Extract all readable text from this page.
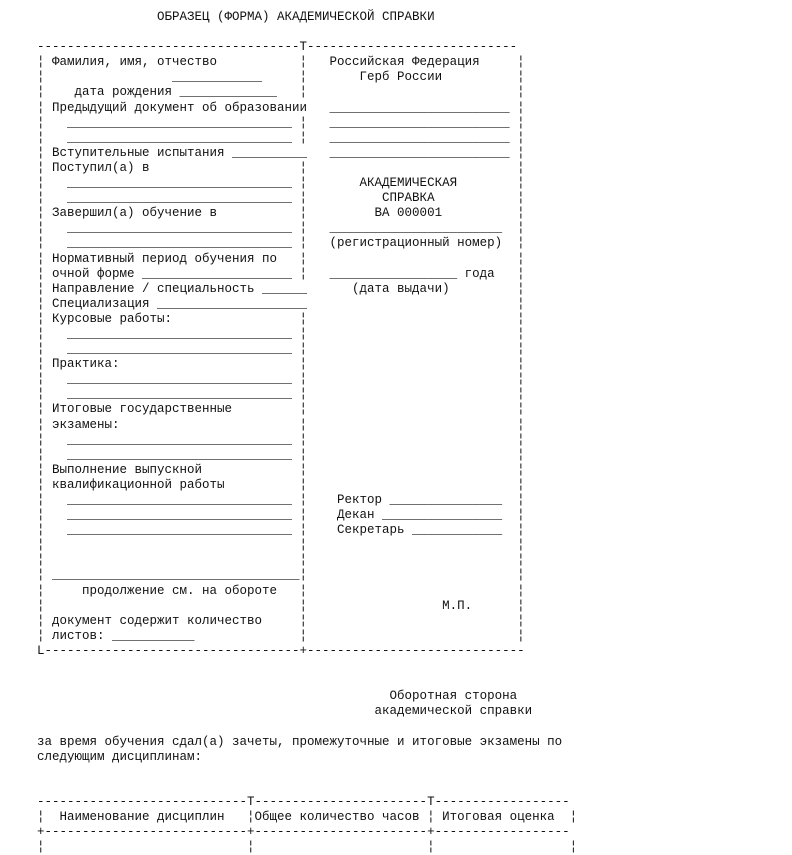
ОБРАЗЕЦ (ФОРМА) АКАДЕМИЧЕСКОЙ СПРАВКИ
-----------------------------------T----------------------------
¦ Фамилия, имя, отчество           ¦   Российская Федерация     ¦
¦                 ____________     ¦       Герб России          ¦
¦    дата рождения _____________   ¦                            ¦
¦ Предыдущий документ об образовании   ________________________ ¦
¦   ______________________________ ¦   ________________________ ¦
¦   ______________________________ ¦   ________________________ ¦
¦ Вступительные испытания __________   ________________________ ¦
¦ Поступил(а) в                    ¦                            ¦
¦   ______________________________ ¦       АКАДЕМИЧЕСКАЯ        ¦
¦   ______________________________ ¦          СПРАВКА           ¦
¦ Завершил(а) обучение в           ¦         ВА 000001          ¦
¦   ______________________________ ¦   _______________________  ¦
¦   ______________________________ ¦   (регистрационный номер)  ¦
¦ Нормативный период обучения по   ¦                            ¦
¦ очной форме ____________________ ¦   _________________ года   ¦
¦ Направление / специальность ______      (дата выдачи)         ¦
¦ Специализация ____________________                            ¦
¦ Курсовые работы:                 ¦                            ¦
¦   ______________________________ ¦                            ¦
¦   ______________________________ ¦                            ¦
¦ Практика:                        ¦                            ¦
¦   ______________________________ ¦                            ¦
¦   ______________________________ ¦                            ¦
¦ Итоговые государственные         ¦                            ¦
¦ экзамены:                        ¦                            ¦
¦   ______________________________ ¦                            ¦
¦   ______________________________ ¦                            ¦
¦ Выполнение выпускной             ¦                            ¦
¦ квалификационной работы          ¦                            ¦
¦   ______________________________ ¦    Ректор _______________  ¦
¦   ______________________________ ¦    Декан ________________  ¦
¦   ______________________________ ¦    Секретарь ____________  ¦
¦                                  ¦                            ¦
¦                                  ¦                            ¦
¦ _________________________________¦                            ¦
¦     продолжение см. на обороте   ¦                            ¦
¦                                  ¦                  М.П.      ¦
¦ документ содержит количество     ¦                            ¦
¦ листов: ___________              ¦                            ¦
L----------------------------------+-----------------------------
Оборотная сторона
академической справки
за время обучения сдал(а) зачеты, промежуточные и итоговые экзамены по
следующим дисциплинам:
----------------------------T-----------------------T------------------
¦  Наименование дисциплин   ¦Общее количество часов ¦ Итоговая оценка  ¦
+---------------------------+-----------------------+------------------
¦                           ¦                       ¦                  ¦
